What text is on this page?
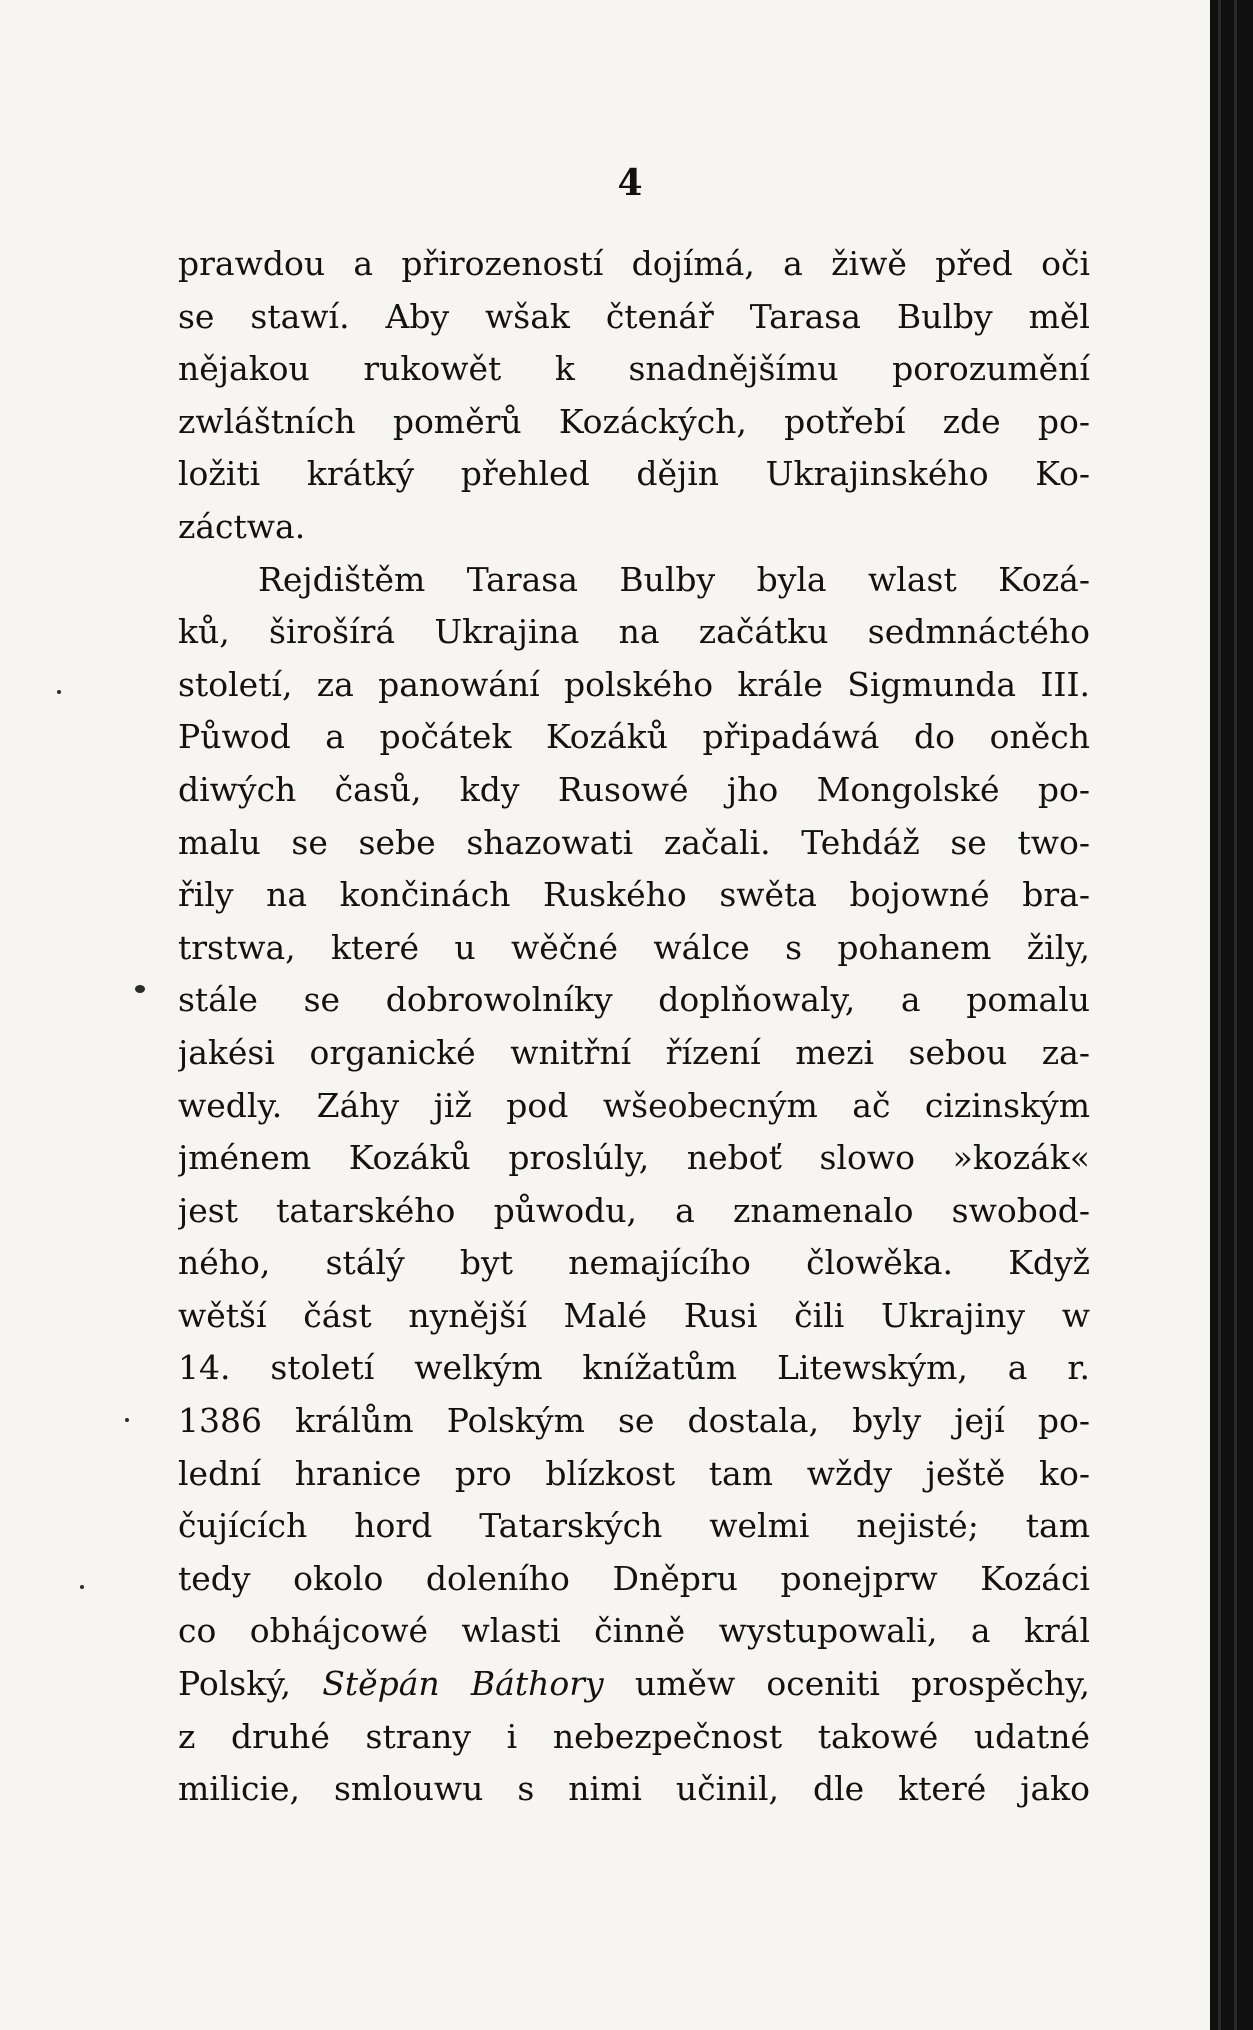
4
prawdou a přirozeností dojímá, a žiwě před oči
se stawí. Aby wšak čtenář Tarasa Bulby měl
nějakou rukowět k snadnějšímu porozumění
zwláštních poměrů Kozáckých, potřebí zde po-
ložiti krátký přehled dějin Ukrajinského Ko-
záctwa.
Rejdištěm Tarasa Bulby byla wlast Kozá-
ků, širošírá Ukrajina na začátku sedmnáctého
století, za panowání polského krále Sigmunda III.
Půwod a počátek Kozáků připadáwá do oněch
diwých časů, kdy Rusowé jho Mongolské po-
malu se sebe shazowati začali. Tehdáž se two-
řily na končinách Ruského swěta bojowné bra-
trstwa, které u wěčné wálce s pohanem žily,
stále se dobrowolníky doplňowaly, a pomalu
jakési organické wnitřní řízení mezi sebou za-
wedly. Záhy již pod wšeobecným ač cizinským
jménem Kozáků proslúly, neboť slowo »kozák«
jest tatarského půwodu, a znamenalo swobod-
ného, stálý byt nemajícího člowěka. Když
wětší část nynější Malé Rusi čili Ukrajiny w
14. století welkým knížatům Litewským, a r.
1386 králům Polským se dostala, byly její po-
lední hranice pro blízkost tam wždy ještě ko-
čujících hord Tatarských welmi nejisté; tam
tedy okolo doleního Dněpru ponejprw Kozáci
co obhájcowé wlasti činně wystupowali, a král
Polský, Stěpán Báthory uměw oceniti prospěchy,
z druhé strany i nebezpečnost takowé udatné
milicie, smlouwu s nimi učinil, dle které jako
